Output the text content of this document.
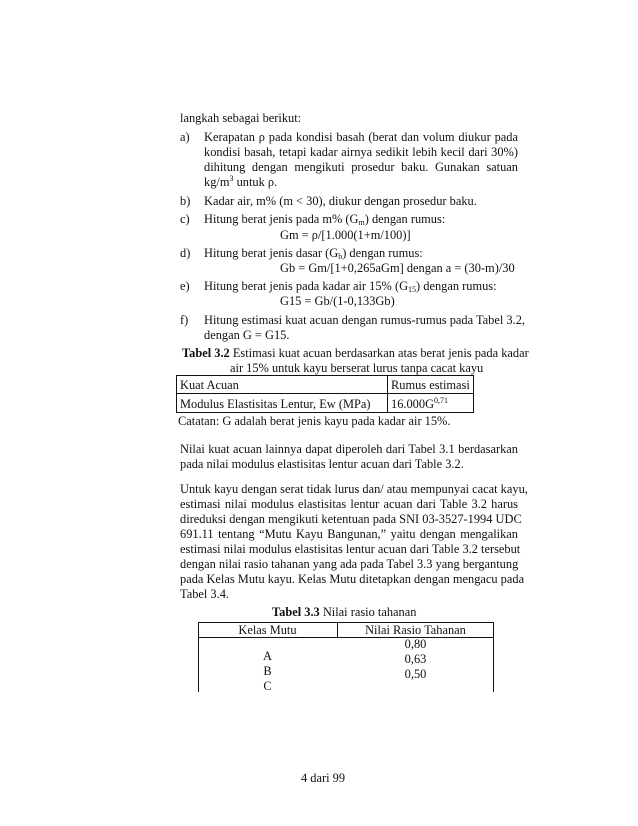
langkah sebagai berikut:
a) Kerapatan ρ pada kondisi basah (berat dan volum diukur pada
kondisi basah, tetapi kadar airnya sedikit lebih kecil dari 30%)
dihitung dengan mengikuti prosedur baku. Gunakan satuan
$kg/m^3$ untuk ρ.
b) Kadar air, m% (m < 30), diukur dengan prosedur baku.
c) Hitung berat jenis pada m% $(G_m)$ dengan rumus:
Gm = ρ/[1.000(1+m/100)]
d) Hitung berat jenis dasar $(G_b)$ dengan rumus:
Gb = Gm/[1+0,265aGm] dengan a = (30-m)/30
e) Hitung berat jenis pada kadar air 15% $(G_{15})$ dengan rumus:
G15 = Gb/(1-0,133Gb)
f) Hitung estimasi kuat acuan dengan rumus-rumus pada Tabel 3.2,
dengan G = G15.
Tabel 3.2 Estimasi kuat acuan berdasarkan atas berat jenis pada kadar
air 15% untuk kayu berserat lurus tanpa cacat kayu
Kuat Acuan	Rumus estimasi
Modulus Elastisitas Lentur, Ew (MPa) $16.000G^{0,71}$
Catatan: G adalah berat jenis kayu pada kadar air 15%.
Nilai kuat acuan lainnya dapat diperoleh dari Tabel 3.1 berdasarkan
pada nilai modulus elastisitas lentur acuan dari Table 3.2.
Untuk kayu dengan serat tidak lurus dan/ atau mempunyai cacat kayu,
estimasi nilai modulus elastisitas lentur acuan dari Table 3.2 harus
direduksi dengan mengikuti ketentuan pada SNI 03-3527-1994 UDC
691.11 tentang “Mutu Kayu Bangunan,” yaitu dengan mengalikan
estimasi nilai modulus elastisitas lentur acuan dari Table 3.2 tersebut
dengan nilai rasio tahanan yang ada pada Tabel 3.3 yang bergantung
pada Kelas Mutu kayu. Kelas Mutu ditetapkan dengan mengacu pada
Tabel 3.4.
Tabel 3.3 Nilai rasio tahanan
Kelas Mutu	Nilai Rasio Tahanan
A
B
C
0,80
0,63
0,50
4 dari 99
